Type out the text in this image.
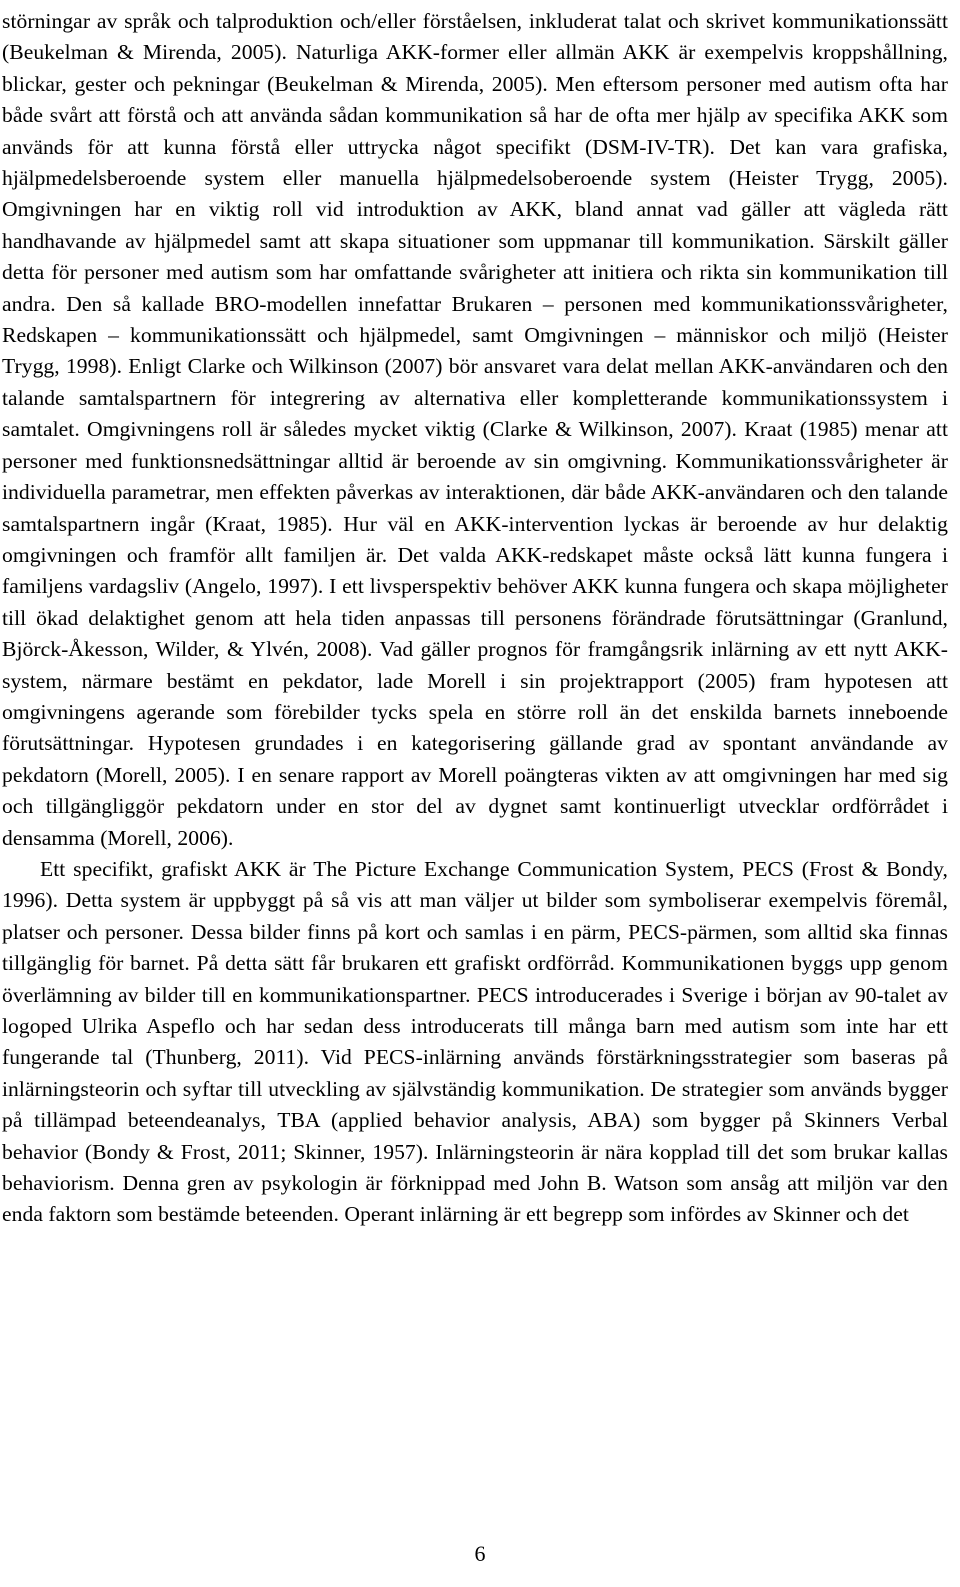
störningar av språk och talproduktion och/eller förståelsen, inkluderat talat och skrivet kommunikationssätt (Beukelman & Mirenda, 2005). Naturliga AKK-former eller allmän AKK är exempelvis kroppshållning, blickar, gester och pekningar (Beukelman & Mirenda, 2005). Men eftersom personer med autism ofta har både svårt att förstå och att använda sådan kommunikation så har de ofta mer hjälp av specifika AKK som används för att kunna förstå eller uttrycka något specifikt (DSM-IV-TR). Det kan vara grafiska, hjälpmedelsberoende system eller manuella hjälpmedelsoberoende system (Heister Trygg, 2005). Omgivningen har en viktig roll vid introduktion av AKK, bland annat vad gäller att vägleda rätt handhavande av hjälpmedel samt att skapa situationer som uppmanar till kommunikation. Särskilt gäller detta för personer med autism som har omfattande svårigheter att initiera och rikta sin kommunikation till andra. Den så kallade BRO-modellen innefattar Brukaren – personen med kommunikationssvårigheter, Redskapen – kommunikationssätt och hjälpmedel, samt Omgivningen – människor och miljö (Heister Trygg, 1998). Enligt Clarke och Wilkinson (2007) bör ansvaret vara delat mellan AKK-användaren och den talande samtalspartnern för integrering av alternativa eller kompletterande kommunikationssystem i samtalet. Omgivningens roll är således mycket viktig (Clarke & Wilkinson, 2007). Kraat (1985) menar att personer med funktionsnedsättningar alltid är beroende av sin omgivning. Kommunikationssvårigheter är individuella parametrar, men effekten påverkas av interaktionen, där både AKK-användaren och den talande samtalspartnern ingår (Kraat, 1985). Hur väl en AKK-intervention lyckas är beroende av hur delaktig omgivningen och framför allt familjen är. Det valda AKK-redskapet måste också lätt kunna fungera i familjens vardagsliv (Angelo, 1997). I ett livsperspektiv behöver AKK kunna fungera och skapa möjligheter till ökad delaktighet genom att hela tiden anpassas till personens förändrade förutsättningar (Granlund, Björck-Åkesson, Wilder, & Ylvén, 2008). Vad gäller prognos för framgångsrik inlärning av ett nytt AKK-system, närmare bestämt en pekdator, lade Morell i sin projektrapport (2005) fram hypotesen att omgivningens agerande som förebilder tycks spela en större roll än det enskilda barnets inneboende förutsättningar. Hypotesen grundades i en kategorisering gällande grad av spontant användande av pekdatorn (Morell, 2005). I en senare rapport av Morell poängteras vikten av att omgivningen har med sig och tillgängliggör pekdatorn under en stor del av dygnet samt kontinuerligt utvecklar ordförrådet i densamma (Morell, 2006).

Ett specifikt, grafiskt AKK är The Picture Exchange Communication System, PECS (Frost & Bondy, 1996). Detta system är uppbyggt på så vis att man väljer ut bilder som symboliserar exempelvis föremål, platser och personer. Dessa bilder finns på kort och samlas i en pärm, PECS-pärmen, som alltid ska finnas tillgänglig för barnet. På detta sätt får brukaren ett grafiskt ordförråd. Kommunikationen byggs upp genom överlämning av bilder till en kommunikationspartner. PECS introducerades i Sverige i början av 90-talet av logoped Ulrika Aspeflo och har sedan dess introducerats till många barn med autism som inte har ett fungerande tal (Thunberg, 2011). Vid PECS-inlärning används förstärkningsstrategier som baseras på inlärningsteorin och syftar till utveckling av självständig kommunikation. De strategier som används bygger på tillämpad beteendeanalys, TBA (applied behavior analysis, ABA) som bygger på Skinners Verbal behavior (Bondy & Frost, 2011; Skinner, 1957). Inlärningsteorin är nära kopplad till det som brukar kallas behaviorism. Denna gren av psykologin är förknippad med John B. Watson som ansåg att miljön var den enda faktorn som bestämde beteenden. Operant inlärning är ett begrepp som infördes av Skinner och det

6
